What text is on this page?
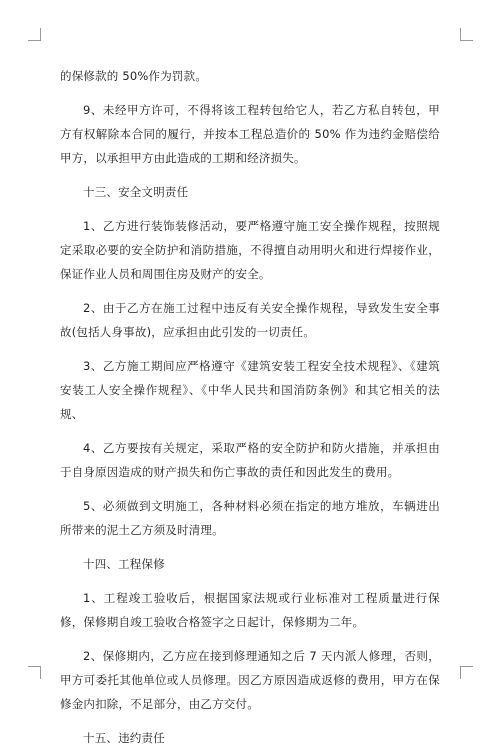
的保修款的 50%作为罚款。

9、未经甲方许可，不得将该工程转包给它人，若乙方私自转包，甲方有权解除本合同的履行，并按本工程总造价的 50% 作为违约金赔偿给甲方，以承担甲方由此造成的工期和经济损失。

十三、安全文明责任

1、乙方进行装饰装修活动，要严格遵守施工安全操作规程，按照规定采取必要的安全防护和消防措施，不得擅自动用明火和进行焊接作业，保证作业人员和周围住房及财产的安全。

2、由于乙方在施工过程中违反有关安全操作规程，导致发生安全事故(包括人身事故)，应承担由此引发的一切责任。

3、乙方施工期间应严格遵守《建筑安装工程安全技术规程》、《建筑安装工人安全操作规程》、《中华人民共和国消防条例》和其它相关的法规、

4、乙方要按有关规定，采取严格的安全防护和防火措施，并承担由于自身原因造成的财产损失和伤亡事故的责任和因此发生的费用。

5、必须做到文明施工，各种材料必须在指定的地方堆放，车辆进出所带来的泥土乙方须及时清理。

十四、工程保修

1、工程竣工验收后，根据国家法规或行业标准对工程质量进行保修，保修期自竣工验收合格签字之日起计，保修期为二年。

2、保修期内，乙方应在接到修理通知之后 7 天内派人修理，否则，甲方可委托其他单位或人员修理。因乙方原因造成返修的费用，甲方在保修金内扣除，不足部分，由乙方交付。

十五、违约责任
